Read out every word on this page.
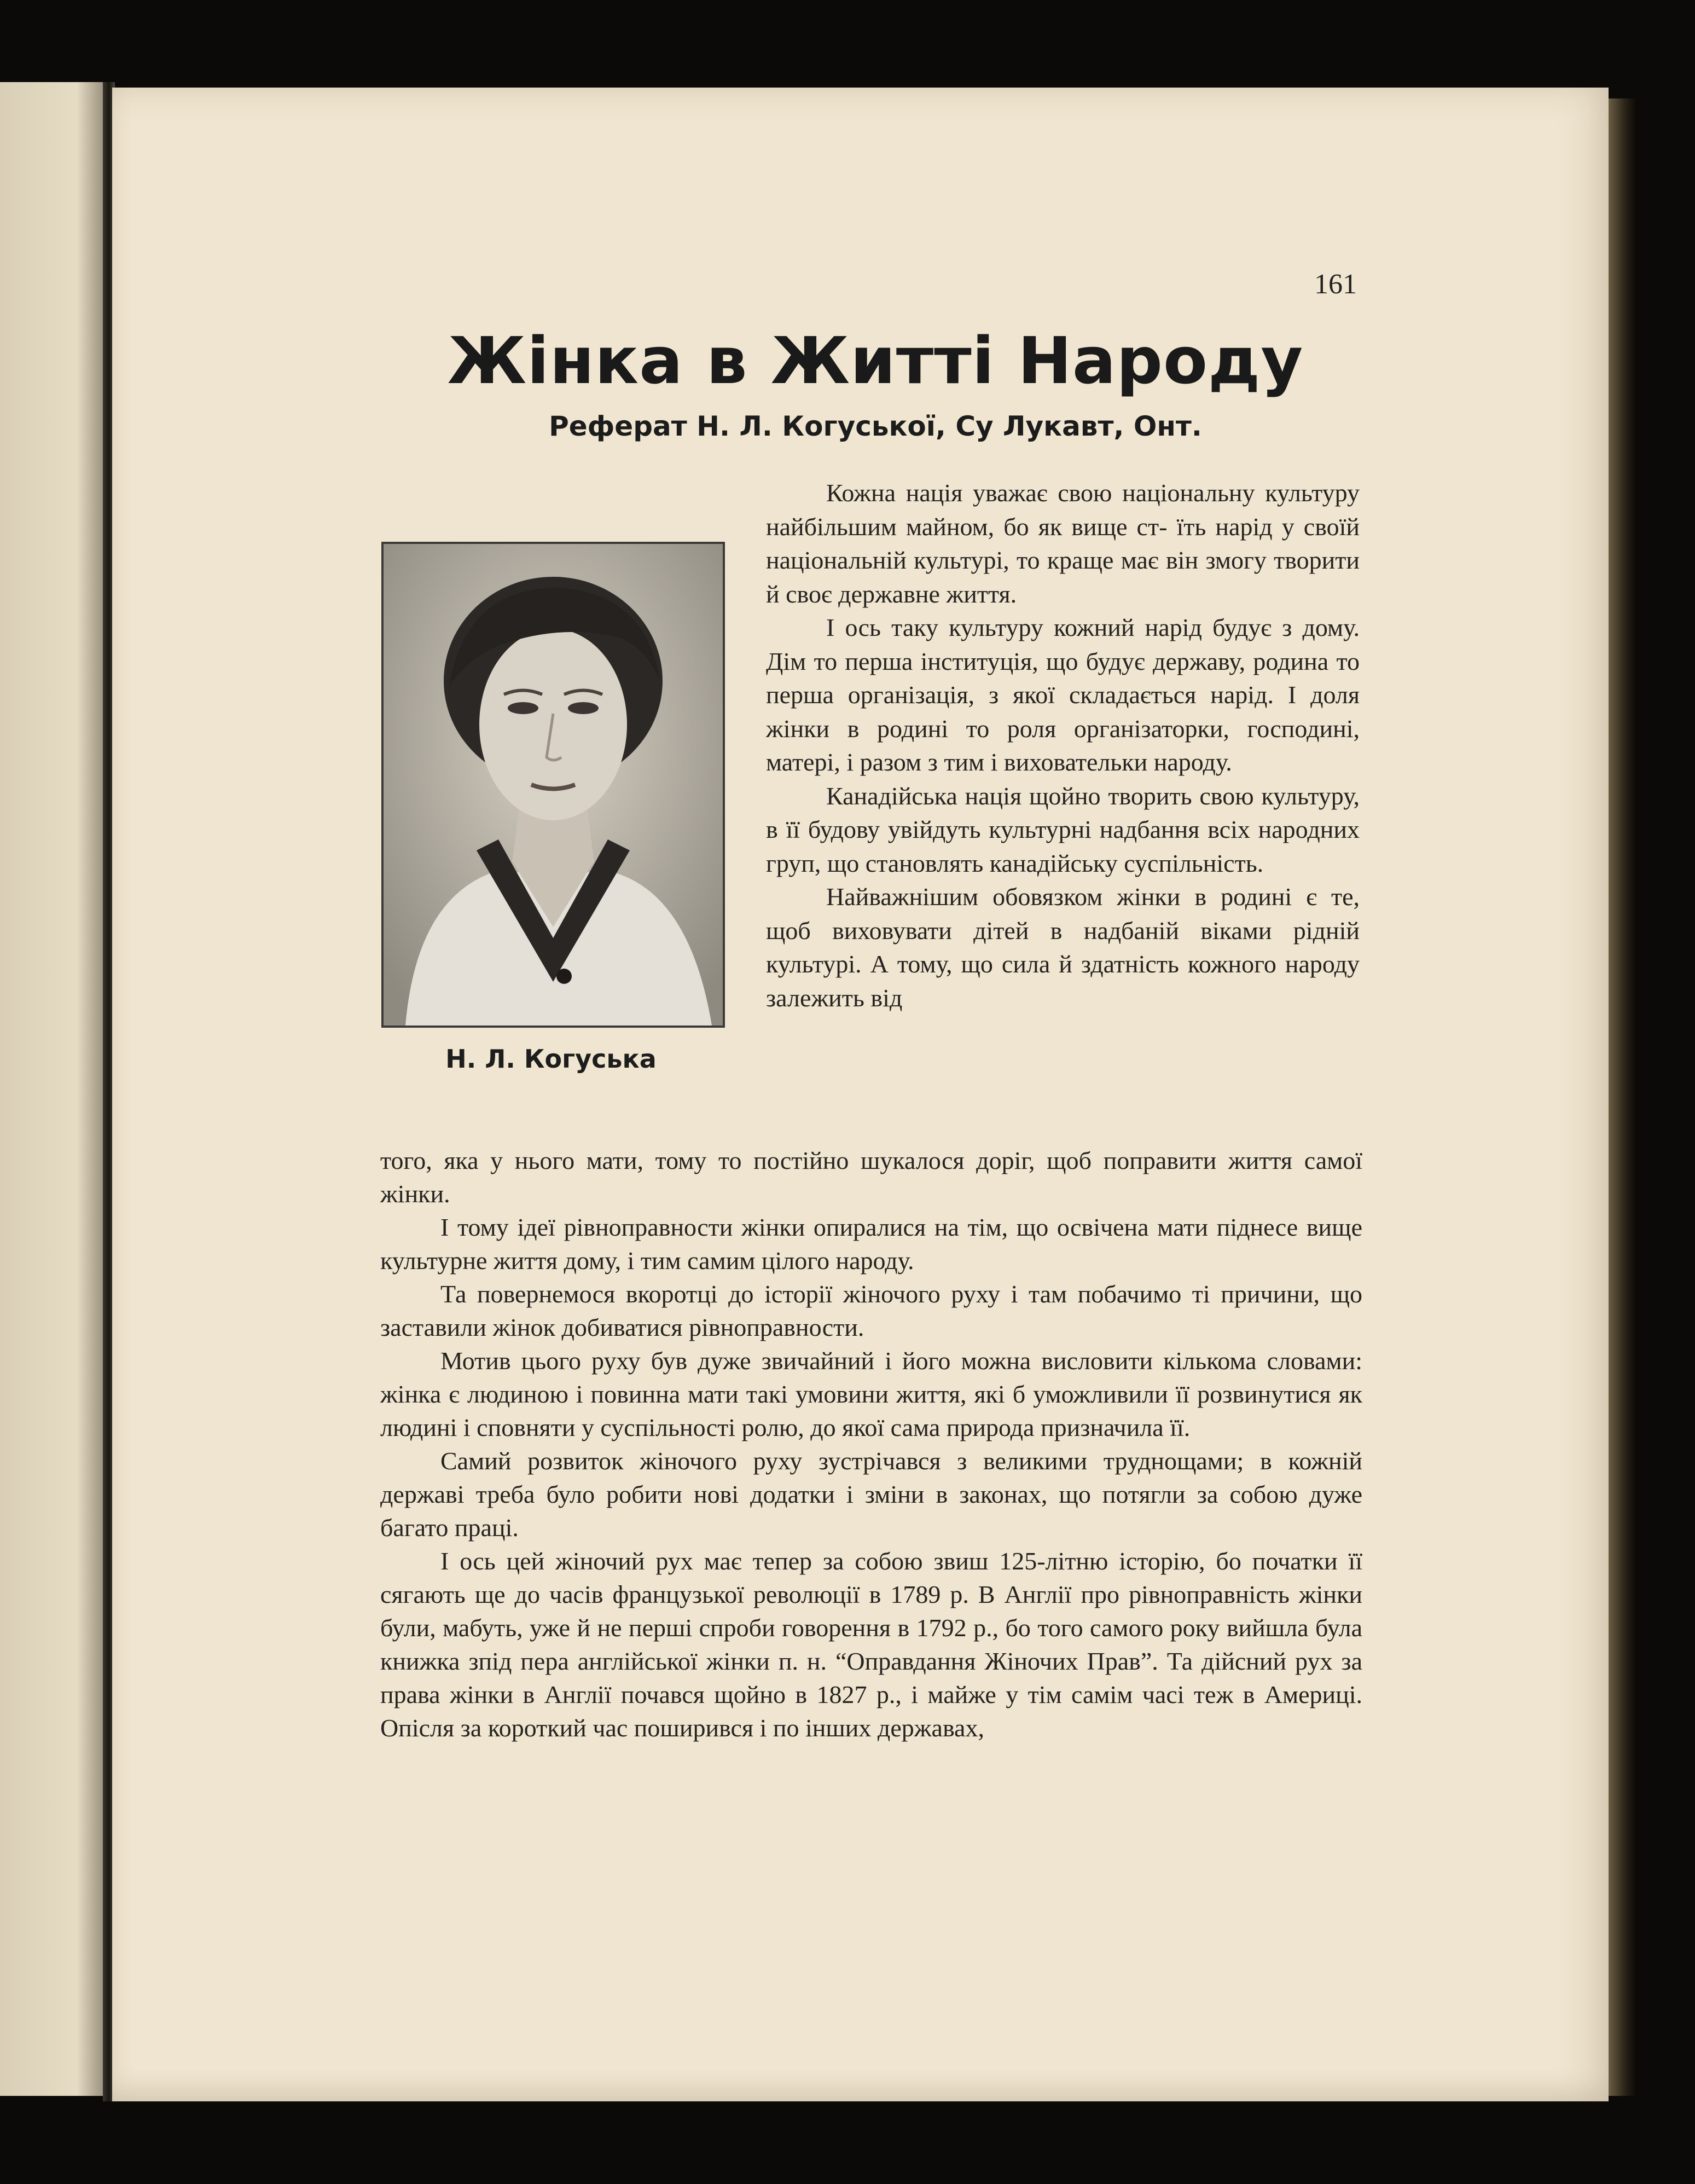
161
Жінка в Житті Народу
Реферат Н. Л. Когуської, Су Лукавт, Онт.
Н. Л. Когуська

Кожна нація уважає свою національну культуру найбільшим майном, бо як вище ст‑ їть нарід у своїй національній культурі, то краще має він змогу творити й своє державне життя.

І ось таку культуру кожний нарід будує з дому. Дім то перша інституція, що будує державу, родина то перша організація, з якої складається нарід. І доля жінки в родині то роля організаторки, господині, матері, і разом з тим і виховательки народу.

Канадійська нація щойно творить свою культуру, в її будову увійдуть культурні надбання всіх народних груп, що становлять канадійську суспільність.

Найважнішим обовязком жінки в родині є те, щоб виховувати дітей в надбаній віками рідній культурі. А тому, що сила й здатність кожного народу залежить від

того, яка у нього мати, тому то постійно шукалося доріг, щоб поправити життя самої жінки.

І тому ідеї рівноправности жінки опиралися на тім, що освічена мати піднесе вище культурне життя дому, і тим самим цілого народу.

Та повернемося вкоротці до історії жіночого руху і там побачимо ті причини, що заставили жінок добиватися рівноправности.

Мотив цього руху був дуже звичайний і його можна висловити кількома словами: жінка є людиною і повинна мати такі умовини життя, які б уможливили її розвинутися як людині і сповняти у суспільності ролю, до якої сама природа призначила її.

Самий розвиток жіночого руху зустрічався з великими труднощами; в кожній державі треба було робити нові додатки і зміни в законах, що потягли за собою дуже багато праці.

І ось цей жіночий рух має тепер за собою звиш 125-літню історію, бо початки її сягають ще до часів французької революції в 1789 р. В Англії про рівноправність жінки були, мабуть, уже й не перші спроби говорення в 1792 р., бо того самого року вийшла була книжка зпід пера англійської жінки п. н. “Оправдання Жіночих Прав”. Та дійсний рух за права жінки в Англії почався щойно в 1827 р., і майже у тім самім часі теж в Америці. Опісля за короткий час поширився і по інших державах,
